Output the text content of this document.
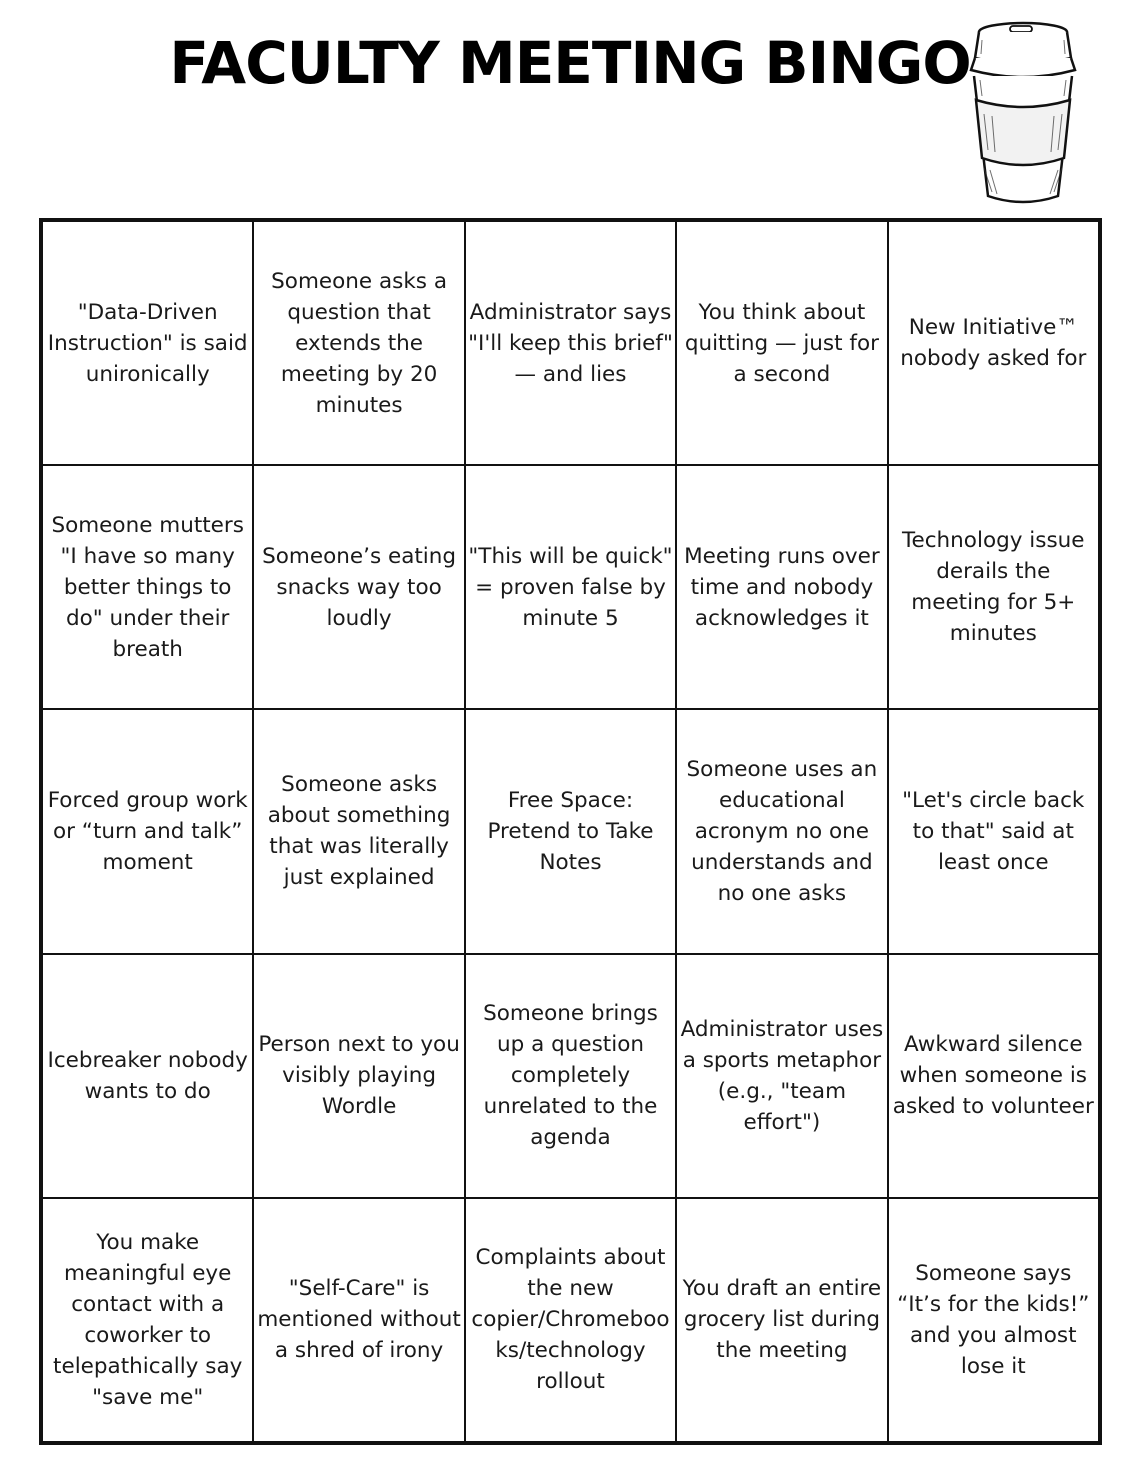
FACULTY MEETING BINGO
"Data-Driven Instruction" is said unironically
Someone asks a question that extends the meeting by 20 minutes
Administrator says "I'll keep this brief" — and lies
You think about quitting — just for a second
New Initiative™ nobody asked for
Someone mutters "I have so many better things to do" under their breath
Someone’s eating snacks way too loudly
"This will be quick" = proven false by minute 5
Meeting runs over time and nobody acknowledges it
Technology issue derails the meeting for 5+ minutes
Forced group work or “turn and talk” moment
Someone asks about something that was literally just explained
Free Space: Pretend to Take Notes
Someone uses an educational acronym no one understands and no one asks
"Let's circle back to that" said at least once
Icebreaker nobody wants to do
Person next to you visibly playing Wordle
Someone brings up a question completely unrelated to the agenda
Administrator uses a sports metaphor (e.g., "team effort")
Awkward silence when someone is asked to volunteer
You make meaningful eye contact with a coworker to telepathically say "save me"
"Self-Care" is mentioned without a shred of irony
Complaints about the new copier/Chromebooks/technology rollout
You draft an entire grocery list during the meeting
Someone says “It’s for the kids!” and you almost lose it
